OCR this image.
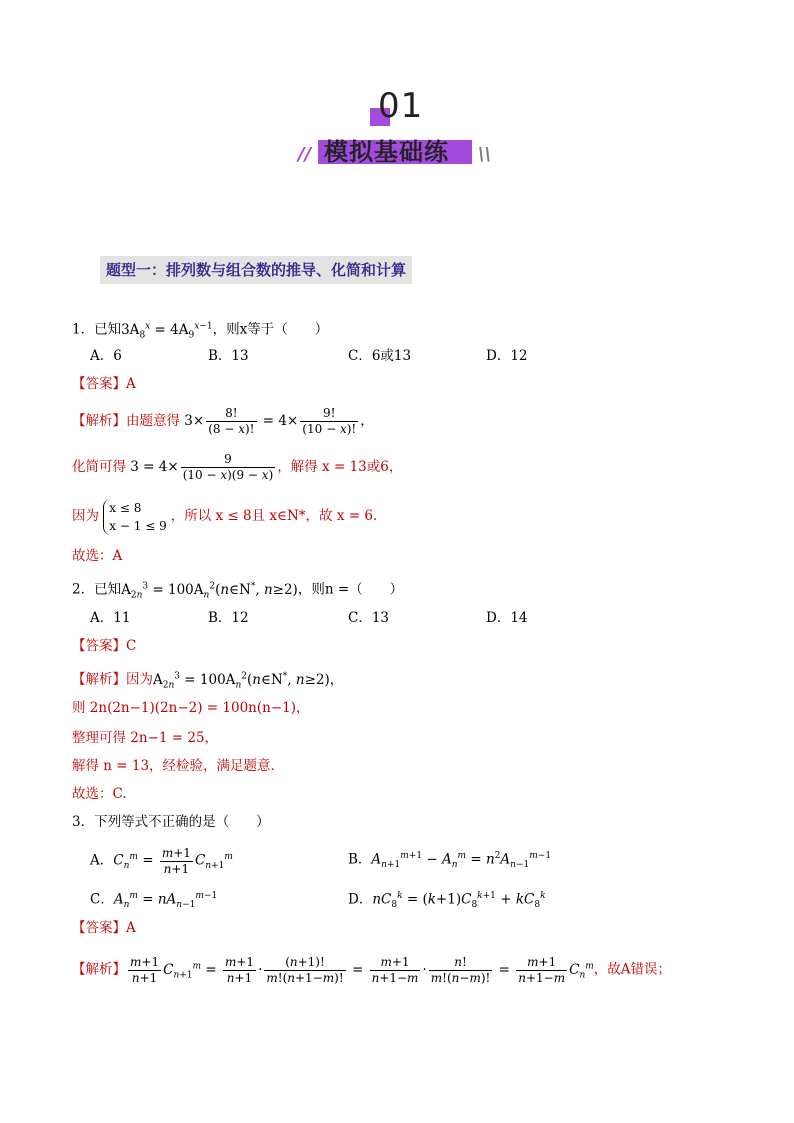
01
// 模拟基础练 \\
题型一：排列数与组合数的推导、化简和计算
1．已知$3A_8^x = 4A_9^{x-1}$，则x等于（　　）
A．6	B．13	C．6或13	D．12
【答案】A
【解析】由题意得 $3\times \frac{8!}{(8 - x)!} = 4\times \frac{9!}{(10 - x)!}$ ，
化简可得 $3 = 4\times \frac{9}{(10 - x)(9 - x)}$ ，解得 x = 13或6，
因为
x ≤ 8
x − 1 ≤ 9
，所以 x ≤ 8且 x∈N*，故 x = 6．
故选：A
2．已知$A_{2n}^3$ = $100A_n^2(n\in N^*$, n≥2)，则n =（　　）
A．11	B．12	C．13	D．14
【答案】C
【解析】因为$A_{2n}^3$ = $100A_n^2(n\in N^*$, n≥2)，
则 2n(2n−1)(2n−2) = 100n(n−1)，
整理可得 2n−1 = 25，
解得 n = 13，经检验，满足题意．
故选：C.
3．下列等式不正确的是（　　）
A．$C_n^m = \frac{m+1}{n+1} C_{n+1}^m$	B．$A_{n+1}^{m+1} - A_n^m = n^2A_{n-1}^{m-1}$
C．$A_n^m = nA_{n-1}^{m-1}$	D．$nC_8^k = (k+1)C_8^{k+1} + kC_8^k$
【答案】A
【解析】 $\frac{m+1}{n+1} C_{n+1}^m = \frac{m+1}{n+1} \cdot \frac{(n+1)!}{m!(n+1-m)!} = \frac{m+1}{n+1-m} \cdot \frac{n!}{m!(n-m)!} = \frac{m+1}{n+1-m} C_n^m$，故A错误；
